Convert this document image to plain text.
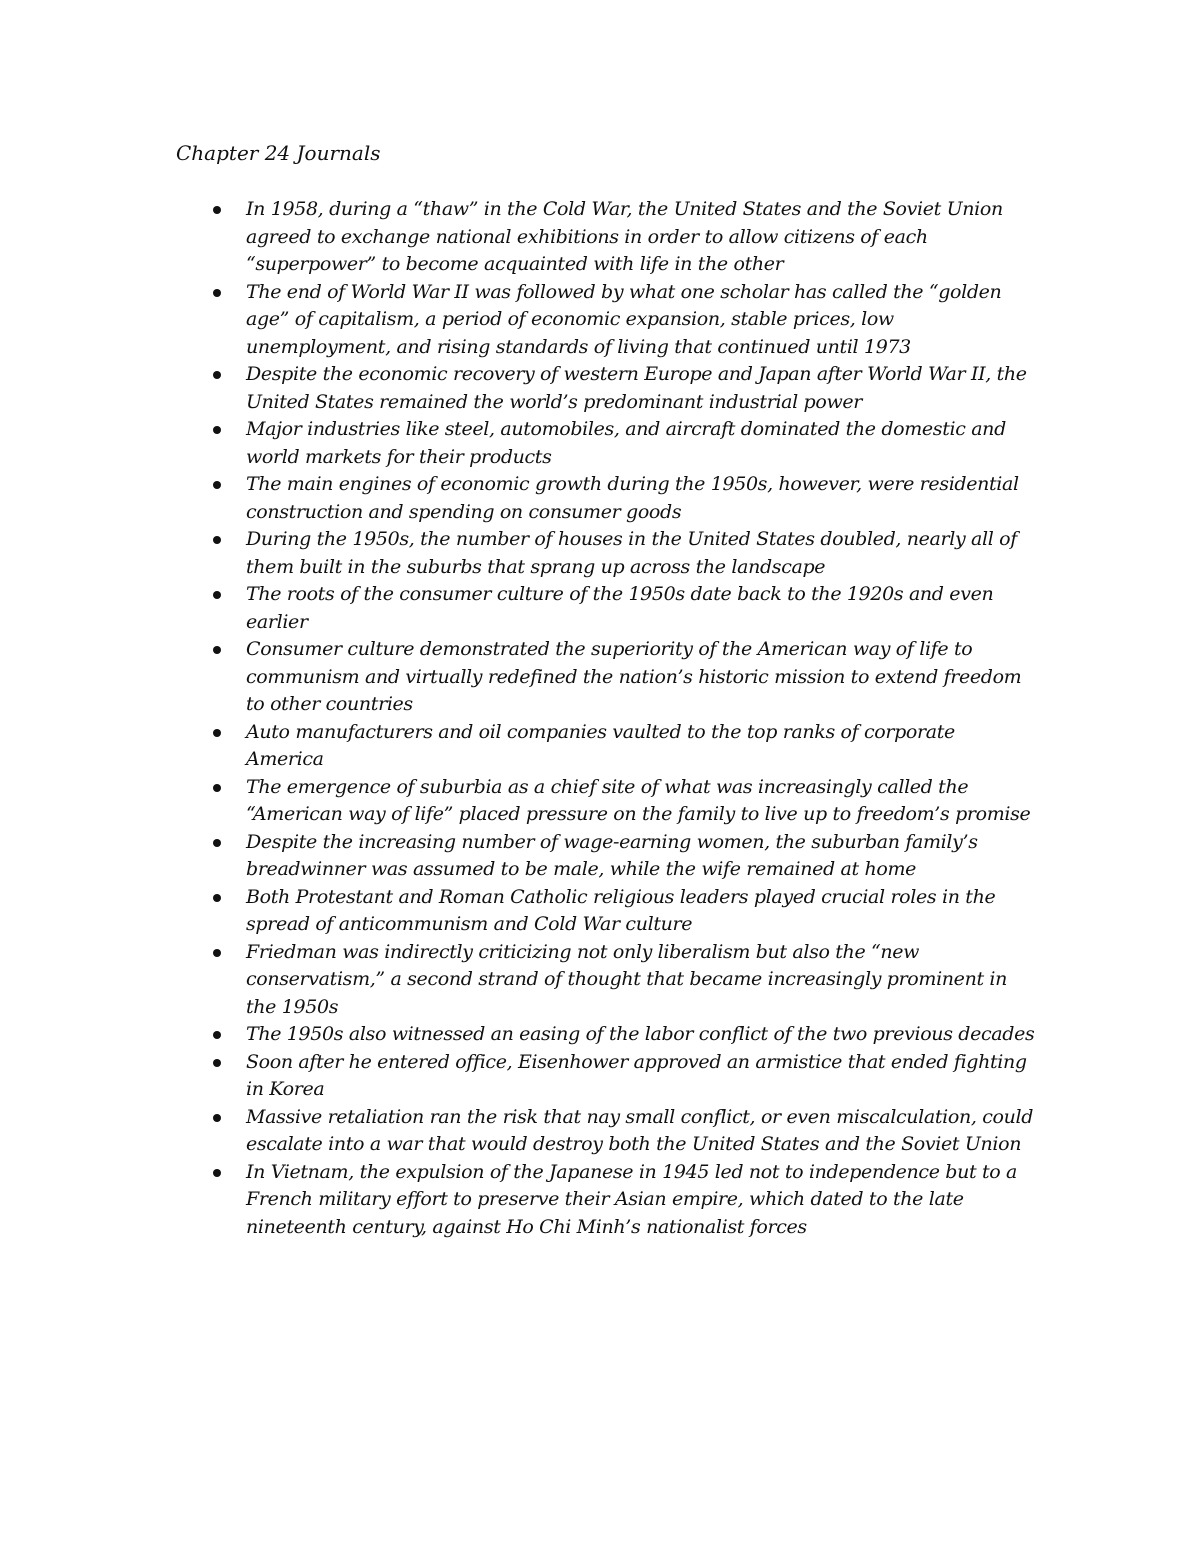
Chapter 24 Journals
In 1958, during a “thaw” in the Cold War, the United States and the Soviet Union agreed to exchange national exhibitions in order to allow citizens of each “superpower” to become acquainted with life in the other
The end of World War II was followed by what one scholar has called the “golden age” of capitalism, a period of economic expansion, stable prices, low unemployment, and rising standards of living that continued until 1973
Despite the economic recovery of western Europe and Japan after World War II, the United States remained the world’s predominant industrial power
Major industries like steel, automobiles, and aircraft dominated the domestic and world markets for their products
The main engines of economic growth during the 1950s, however, were residential construction and spending on consumer goods
During the 1950s, the number of houses in the United States doubled, nearly all of them built in the suburbs that sprang up across the landscape
The roots of the consumer culture of the 1950s date back to the 1920s and even earlier
Consumer culture demonstrated the superiority of the American way of life to communism and virtually redefined the nation’s historic mission to extend freedom to other countries
Auto manufacturers and oil companies vaulted to the top ranks of corporate America
The emergence of suburbia as a chief site of what was increasingly called the “American way of life” placed pressure on the family to live up to freedom’s promise
Despite the increasing number of wage-earning women, the suburban family’s breadwinner was assumed to be male, while the wife remained at home
Both Protestant and Roman Catholic religious leaders played crucial roles in the spread of anticommunism and Cold War culture
Friedman was indirectly criticizing not only liberalism but also the “new conservatism,” a second strand of thought that became increasingly prominent in the 1950s
The 1950s also witnessed an easing of the labor conflict of the two previous decades
Soon after he entered office, Eisenhower approved an armistice that ended fighting in Korea
Massive retaliation ran the risk that nay small conflict, or even miscalculation, could escalate into a war that would destroy both the United States and the Soviet Union
In Vietnam, the expulsion of the Japanese in 1945 led not to independence but to a French military effort to preserve their Asian empire, which dated to the late nineteenth century, against Ho Chi Minh’s nationalist forces
